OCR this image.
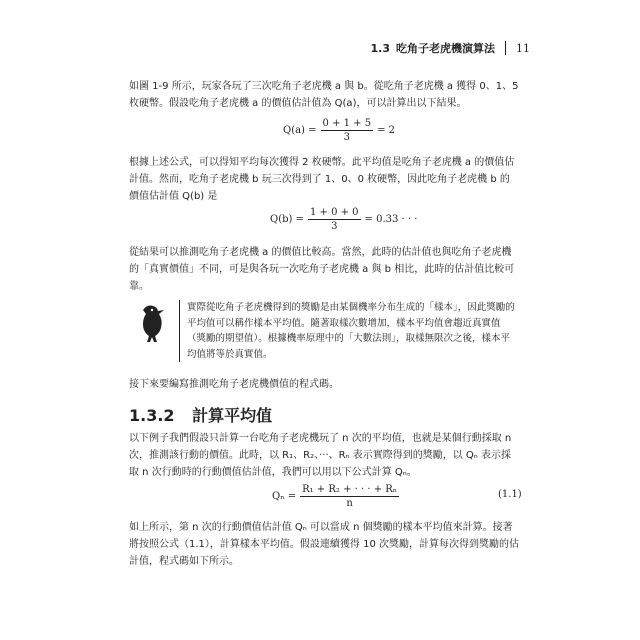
1.3 吃角子老虎機演算法 11
如圖 1-9 所示，玩家各玩了三次吃角子老虎機 a 與 b。從吃角子老虎機 a 獲得 0、1、5 枚硬幣。假設吃角子老虎機 a 的價值估計值為 Q(a)，可以計算出以下結果。
$Q(a) = \frac{0 + 1 + 5}{3} = 2$
根據上述公式，可以得知平均每次獲得 2 枚硬幣。此平均值是吃角子老虎機 a 的價值估計值。然而，吃角子老虎機 b 玩三次得到了 1、0、0 枚硬幣，因此吃角子老虎機 b 的價值估計值 Q(b) 是
$Q(b) = \frac{1 + 0 + 0}{3} = 0.33$ · · ·
從結果可以推測吃角子老虎機 a 的價值比較高。當然，此時的估計值也與吃角子老虎機的「真實價值」不同，可是與各玩一次吃角子老虎機 a 與 b 相比，此時的估計值比較可靠。
實際從吃角子老虎機得到的獎勵是由某個機率分布生成的「樣本」，因此獎勵的平均值可以稱作樣本平均值。隨著取樣次數增加，樣本平均值會趨近真實值（獎勵的期望值）。根據機率原理中的「大數法則」，取樣無限次之後，樣本平均值將等於真實值。
接下來要編寫推測吃角子老虎機價值的程式碼。
1.3.2 計算平均值
以下例子我們假設只計算一台吃角子老虎機玩了 n 次的平均值，也就是某個行動採取 n 次，推測該行動的價值。此時，以 R₁、R₂、···、Rₙ 表示實際得到的獎勵，以 Qₙ 表示採取 n 次行動時的行動價值估計值，我們可以用以下公式計算 Qₙ。
$Q_n = \frac{\text{R₁ + R₂ + · · · + Rₙ}}{n}$	(1.1)
如上所示，第 n 次的行動價值估計值 Qₙ 可以當成 n 個獎勵的樣本平均值來計算。接著將按照公式（1.1），計算樣本平均值。假設連續獲得 10 次獎勵，計算每次得到獎勵的估計值，程式碼如下所示。
